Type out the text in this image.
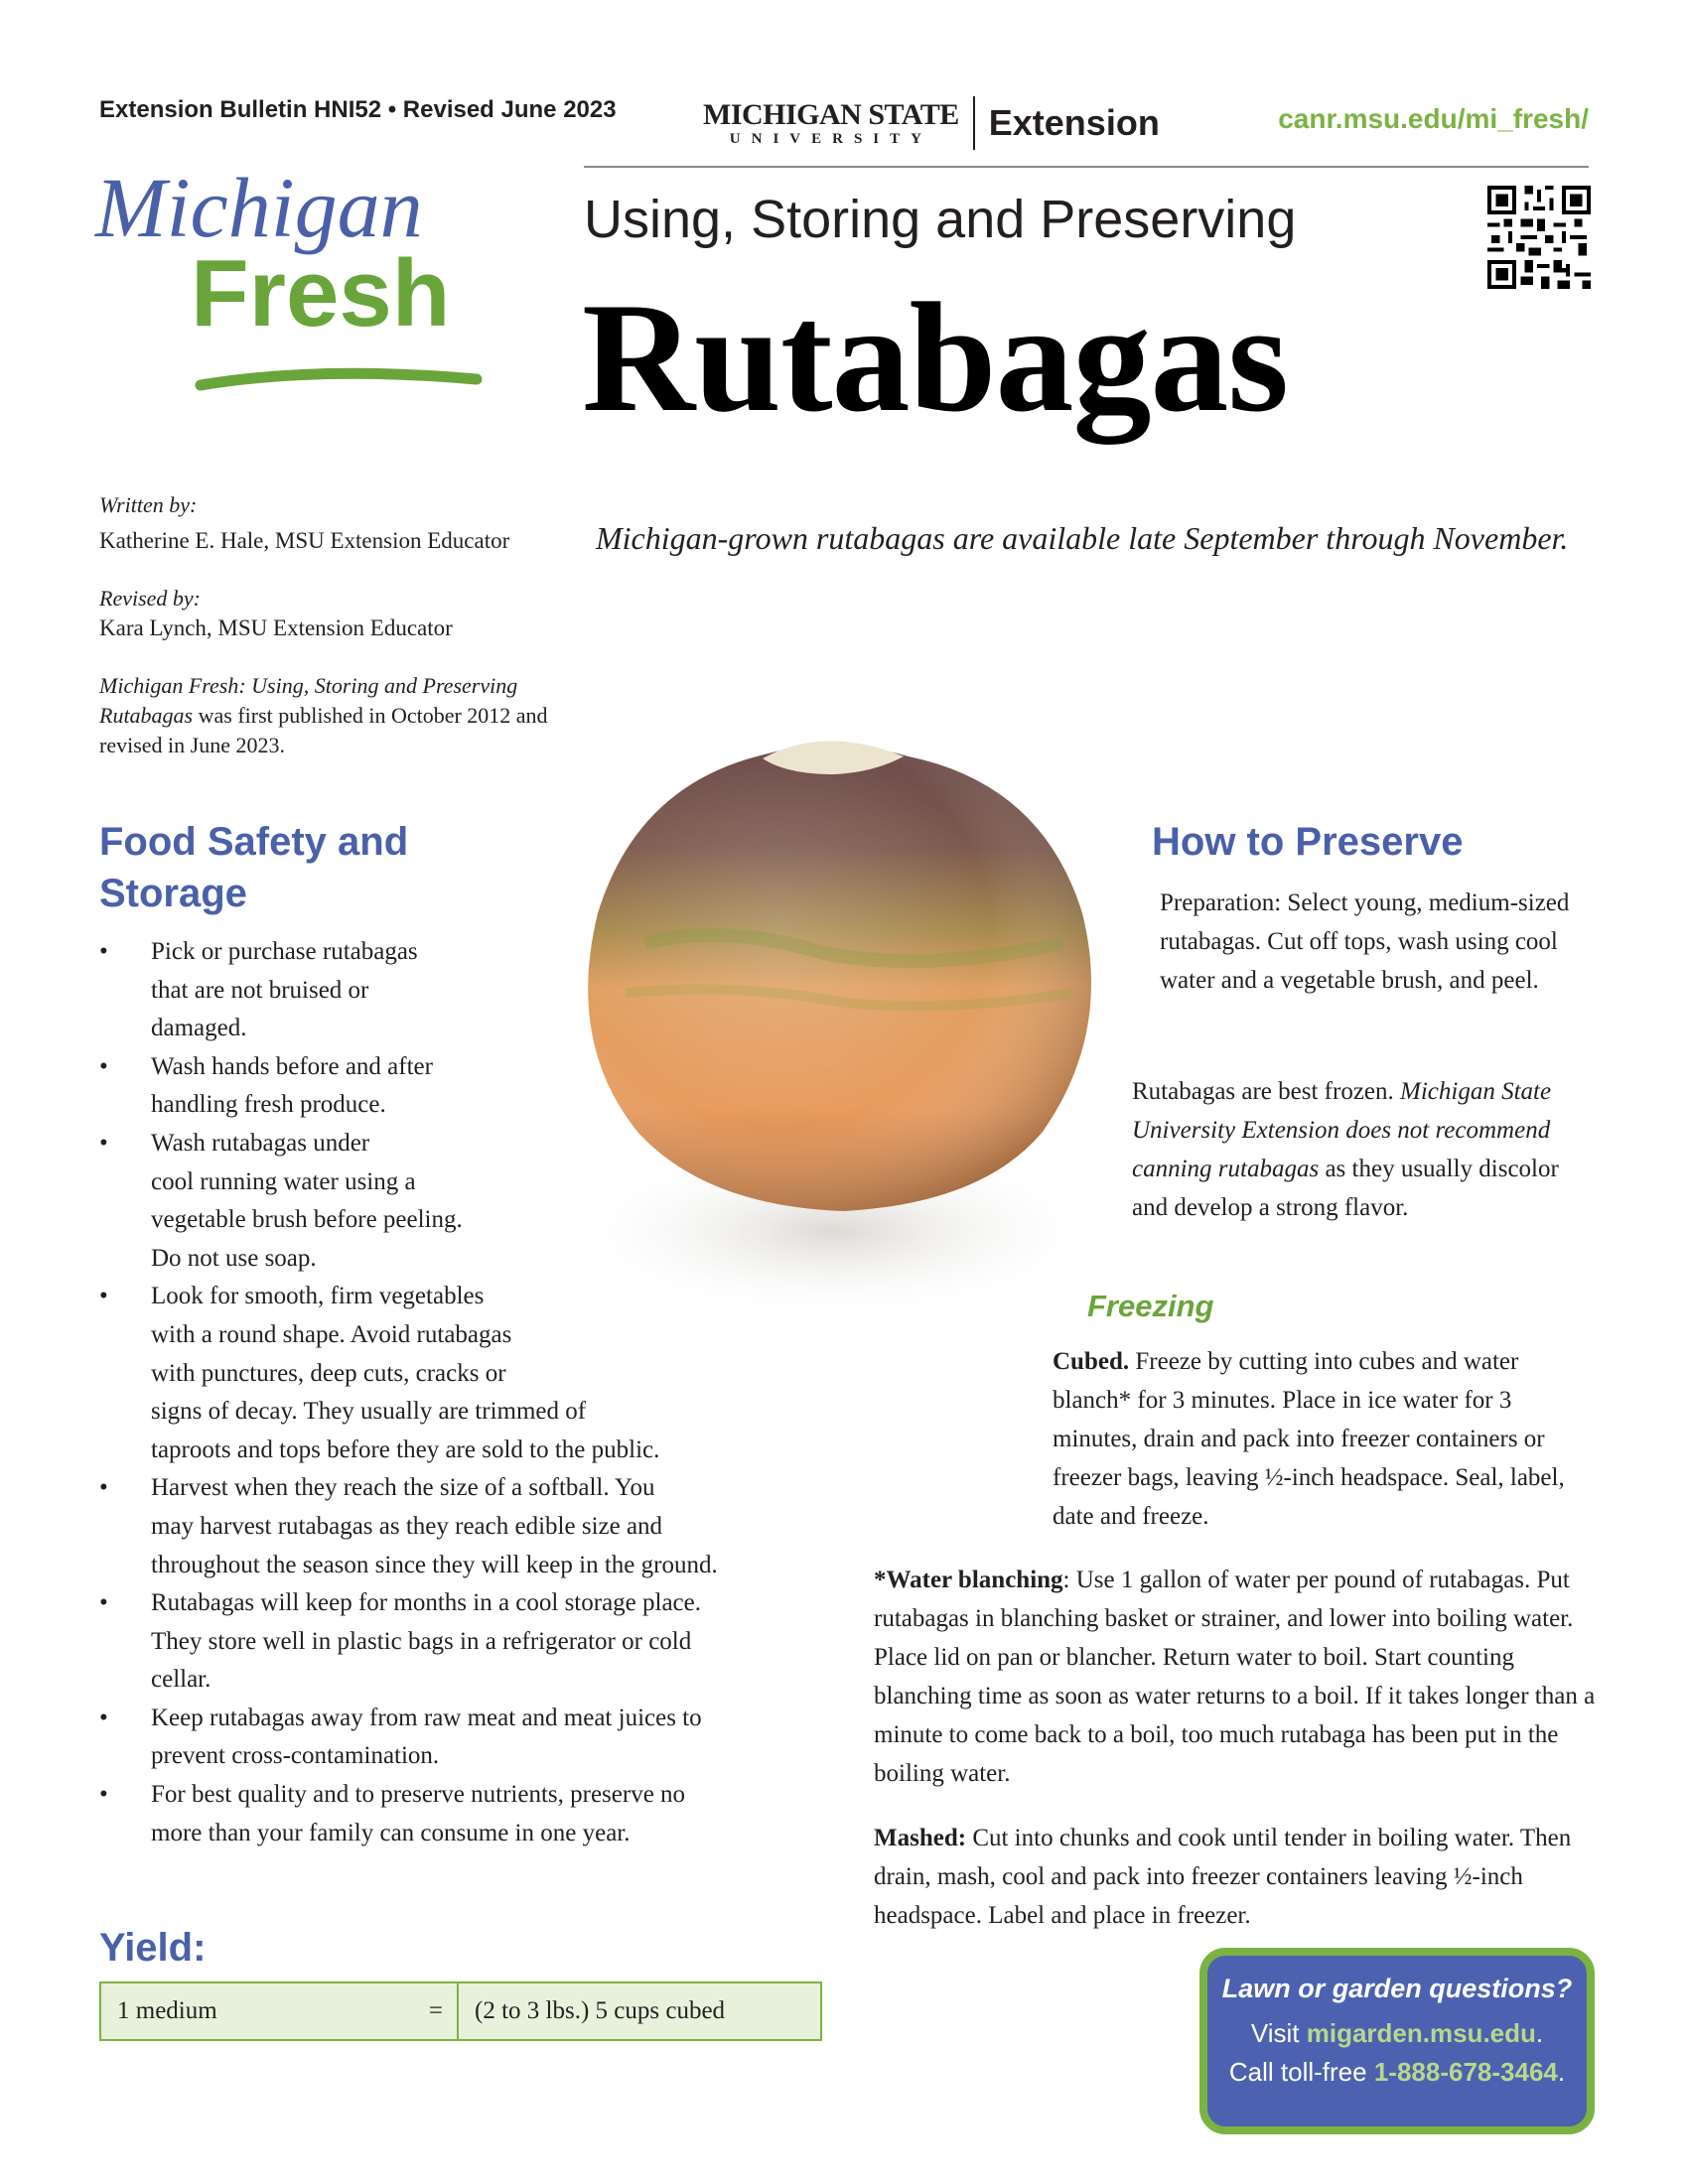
Extension Bulletin HNI52 • Revised June 2023	MICHIGAN STATE
UNIVERSITY	Extension	canr.msu.edu/mi_fresh/
Michigan
Fresh
Using, Storing and Preserving
Rutabagas
Michigan-grown rutabagas are available late September through November.
Written by:
Katherine E. Hale, MSU Extension Educator
Revised by:
Kara Lynch, MSU Extension Educator
Michigan Fresh: Using, Storing and Preserving Rutabagas was first published in October 2012 and revised in June 2023.
Food Safety and Storage
• Pick or purchase rutabagas
that are not bruised or
damaged.
• Wash hands before and after
handling fresh produce.
• Wash rutabagas under
cool running water using a
vegetable brush before peeling.
Do not use soap.
• Look for smooth, firm vegetables
with a round shape. Avoid rutabagas
with punctures, deep cuts, cracks or
signs of decay. They usually are trimmed of
taproots and tops before they are sold to the public.
• Harvest when they reach the size of a softball. You
may harvest rutabagas as they reach edible size and
throughout the season since they will keep in the ground.
• Rutabagas will keep for months in a cool storage place.
They store well in plastic bags in a refrigerator or cold
cellar.
• Keep rutabagas away from raw meat and meat juices to
prevent cross-contamination.
• For best quality and to preserve nutrients, preserve no
more than your family can consume in one year.
How to Preserve
Preparation: Select young, medium-sized rutabagas. Cut off tops, wash using cool water and a vegetable brush, and peel.
Rutabagas are best frozen. Michigan State University Extension does not recommend canning rutabagas as they usually discolor and develop a strong flavor.
Freezing
Cubed. Freeze by cutting into cubes and water blanch* for 3 minutes. Place in ice water for 3 minutes, drain and pack into freezer containers or freezer bags, leaving ½-inch headspace. Seal, label, date and freeze.
*Water blanching: Use 1 gallon of water per pound of rutabagas. Put rutabagas in blanching basket or strainer, and lower into boiling water. Place lid on pan or blancher. Return water to boil. Start counting blanching time as soon as water returns to a boil. If it takes longer than a minute to come back to a boil, too much rutabaga has been put in the boiling water.
Mashed: Cut into chunks and cook until tender in boiling water. Then drain, mash, cool and pack into freezer containers leaving ½-inch headspace. Label and place in freezer.
Yield:
1 medium	=	(2 to 3 lbs.) 5 cups cubed
Lawn or garden questions?
Visit migarden.msu.edu.
Call toll-free 1-888-678-3464.
